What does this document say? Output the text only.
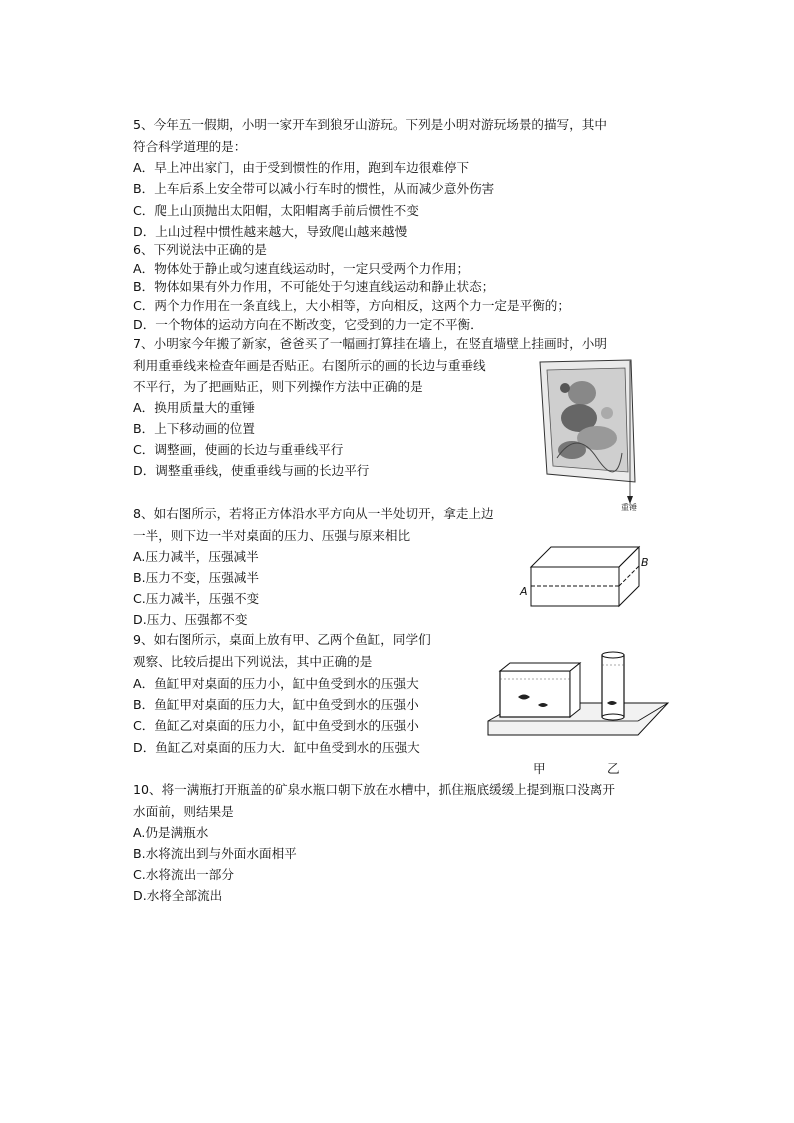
5、今年五一假期，小明一家开车到狼牙山游玩。下列是小明对游玩场景的描写，其中
符合科学道理的是：
A．早上冲出家门，由于受到惯性的作用，跑到车边很难停下
B．上车后系上安全带可以减小行车时的惯性，从而减少意外伤害
C．爬上山顶抛出太阳帽，太阳帽离手前后惯性不变
D．上山过程中惯性越来越大，导致爬山越来越慢
6、下列说法中正确的是
A．物体处于静止或匀速直线运动时，一定只受两个力作用；
B．物体如果有外力作用，不可能处于匀速直线运动和静止状态；
C．两个力作用在一条直线上，大小相等，方向相反，这两个力一定是平衡的；
D．一个物体的运动方向在不断改变，它受到的力一定不平衡．
7、小明家今年搬了新家，爸爸买了一幅画打算挂在墙上，在竖直墙壁上挂画时，小明
利用重垂线来检查年画是否贴正。右图所示的画的长边与重垂线
不平行，为了把画贴正，则下列操作方法中正确的是
A．换用质量大的重锤
B．上下移动画的位置
C．调整画，使画的长边与重垂线平行
D．调整重垂线，使重垂线与画的长边平行
重锤
8、如右图所示，若将正方体沿水平方向从一半处切开，拿走上边
一半，则下边一半对桌面的压力、压强与原来相比
A.压力减半，压强减半
B.压力不变，压强减半
C.压力减半，压强不变
D.压力、压强都不变
A
B
9、如右图所示，桌面上放有甲、乙两个鱼缸，同学们
观察、比较后提出下列说法，其中正确的是
A．鱼缸甲对桌面的压力小，缸中鱼受到水的压强大
B．鱼缸甲对桌面的压力大，缸中鱼受到水的压强小
C．鱼缸乙对桌面的压力小，缸中鱼受到水的压强小
D．鱼缸乙对桌面的压力大．缸中鱼受到水的压强大
甲	乙
10、将一满瓶打开瓶盖的矿泉水瓶口朝下放在水槽中，抓住瓶底缓缓上提到瓶口没离开
水面前，则结果是
A.仍是满瓶水
B.水将流出到与外面水面相平
C.水将流出一部分
D.水将全部流出
